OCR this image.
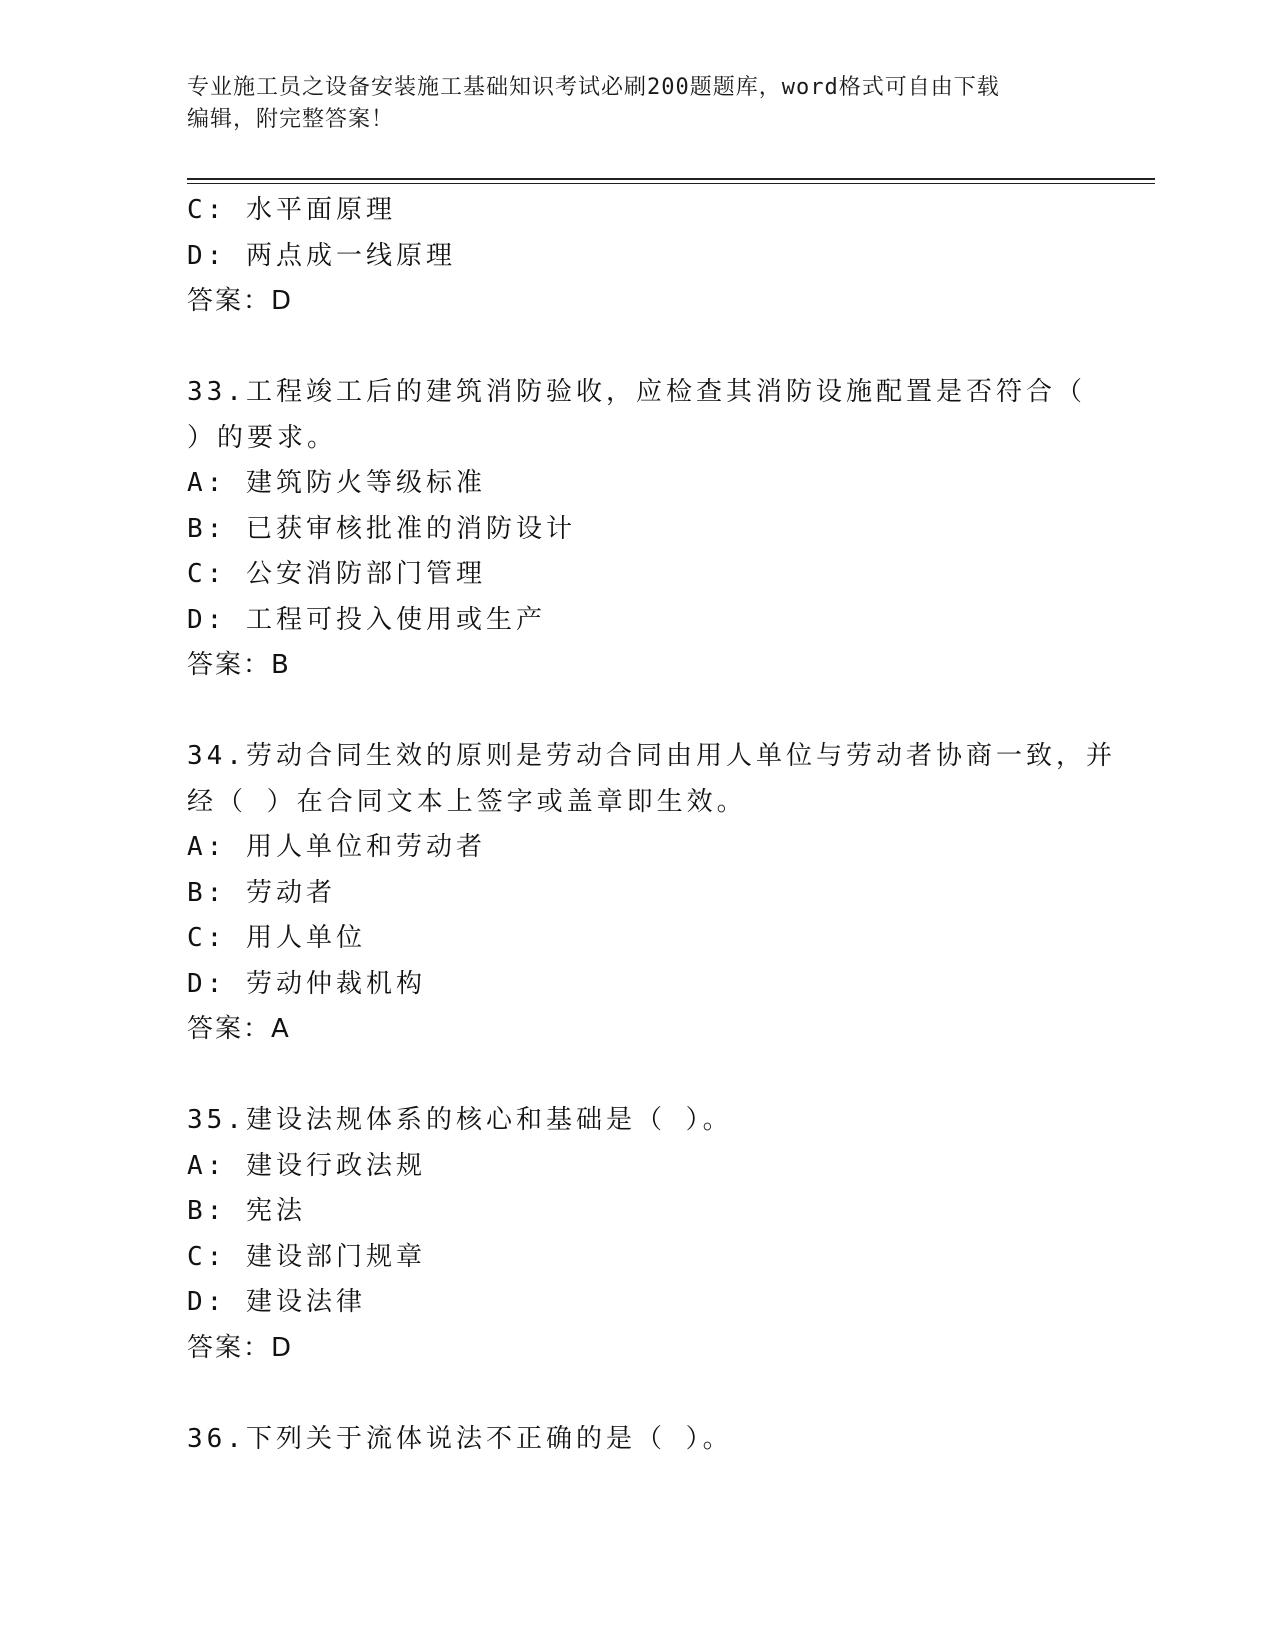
专业施工员之设备安装施工基础知识考试必刷200题题库，word格式可自由下载
编辑，附完整答案！
C: 水平面原理
D: 两点成一线原理
答案：D
33.工程竣工后的建筑消防验收，应检查其消防设施配置是否符合（
）的要求。
A: 建筑防火等级标准
B: 已获审核批准的消防设计
C: 公安消防部门管理
D: 工程可投入使用或生产
答案：B
34.劳动合同生效的原则是劳动合同由用人单位与劳动者协商一致，并
经（ ）在合同文本上签字或盖章即生效。
A: 用人单位和劳动者
B: 劳动者
C: 用人单位
D: 劳动仲裁机构
答案：A
35.建设法规体系的核心和基础是（ ）。
A: 建设行政法规
B: 宪法
C: 建设部门规章
D: 建设法律
答案：D
36.下列关于流体说法不正确的是（ ）。
